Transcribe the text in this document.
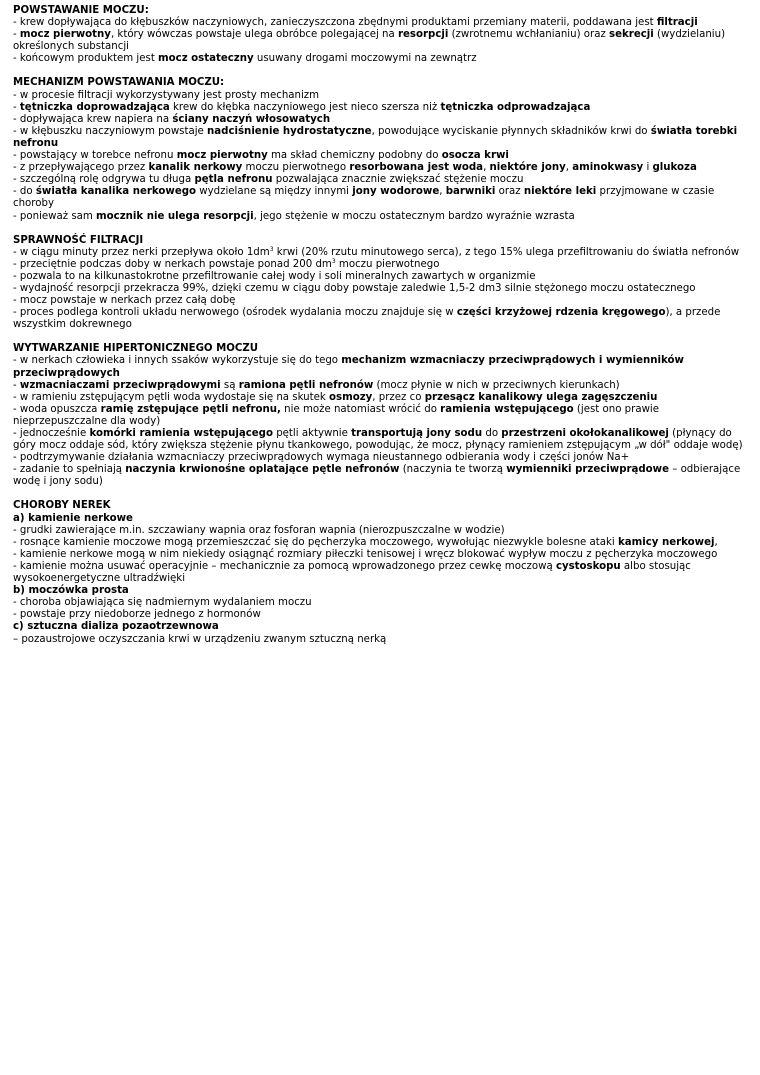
POWSTAWANIE MOCZU:
- krew dopływająca do kłębuszków naczyniowych, zanieczyszczona zbędnymi produktami przemiany materii, poddawana jest filtracji
- mocz pierwotny, który wówczas powstaje ulega obróbce polegającej na resorpcji (zwrotnemu wchłanianiu) oraz sekrecji (wydzielaniu) określonych substancji
- końcowym produktem jest mocz ostateczny usuwany drogami moczowymi na zewnątrz
MECHANIZM POWSTAWANIA MOCZU:
- w procesie filtracji wykorzystywany jest prosty mechanizm
- tętniczka doprowadzająca krew do kłębka naczyniowego jest nieco szersza niż tętniczka odprowadzająca
- dopływająca krew napiera na ściany naczyń włosowatych
- w kłębuszku naczyniowym powstaje nadciśnienie hydrostatyczne, powodujące wyciskanie płynnych składników krwi do światła torebki nefronu
- powstający w torebce nefronu mocz pierwotny ma skład chemiczny podobny do osocza krwi
- z przepływającego przez kanalik nerkowy moczu pierwotnego resorbowana jest woda, niektóre jony, aminokwasy i glukoza
- szczególną rolę odgrywa tu długa pętla nefronu pozwalająca znacznie zwiększać stężenie moczu
- do światła kanalika nerkowego wydzielane są między innymi jony wodorowe, barwniki oraz niektóre leki przyjmowane w czasie choroby
- ponieważ sam mocznik nie ulega resorpcji, jego stężenie w moczu ostatecznym bardzo wyraźnie wzrasta
SPRAWNOŚĆ FILTRACJI
- w ciągu minuty przez nerki przepływa około $1dm^3$ krwi (20% rzutu minutowego serca), z tego 15% ulega przefiltrowaniu do światła nefronów
- przeciętnie podczas doby w nerkach powstaje ponad 200 $dm^3$ moczu pierwotnego
- pozwala to na kilkunastokrotne przefiltrowanie całej wody i soli mineralnych zawartych w organizmie
- wydajność resorpcji przekracza 99%, dzięki czemu w ciągu doby powstaje zaledwie 1,5-2 dm3 silnie stężonego moczu ostatecznego
- mocz powstaje w nerkach przez całą dobę
- proces podlega kontroli układu nerwowego (ośrodek wydalania moczu znajduje się w części krzyżowej rdzenia kręgowego), a przede wszystkim dokrewnego
WYTWARZANIE HIPERTONICZNEGO MOCZU
- w nerkach człowieka i innych ssaków wykorzystuje się do tego mechanizm wzmacniaczy przeciwprądowych i wymienników przeciwprądowych
- wzmacniaczami przeciwprądowymi są ramiona pętli nefronów (mocz płynie w nich w przeciwnych kierunkach)
- w ramieniu zstępującym pętli woda wydostaje się na skutek osmozy, przez co przesącz kanalikowy ulega zagęszczeniu
- woda opuszcza ramię zstępujące pętli nefronu, nie może natomiast wrócić do ramienia wstępującego (jest ono prawie nieprzepuszczalne dla wody)
- jednocześnie komórki ramienia wstępującego pętli aktywnie transportują jony sodu do przestrzeni okołokanalikowej (płynący do góry mocz oddaje sód, który zwiększa stężenie płynu tkankowego, powodując, że mocz, płynący ramieniem zstępującym „w dół" oddaje wodę)
- podtrzymywanie działania wzmacniaczy przeciwprądowych wymaga nieustannego odbierania wody i części jonów Na+
- zadanie to spełniają naczynia krwionośne oplatające pętle nefronów (naczynia te tworzą wymienniki przeciwprądowe – odbierające wodę i jony sodu)
CHOROBY NEREK
a) kamienie nerkowe
- grudki zawierające m.in. szczawiany wapnia oraz fosforan wapnia (nierozpuszczalne w wodzie)
- rosnące kamienie moczowe mogą przemieszczać się do pęcherzyka moczowego, wywołując niezwykle bolesne ataki kamicy nerkowej,
- kamienie nerkowe mogą w nim niekiedy osiągnąć rozmiary piłeczki tenisowej i wręcz blokować wypływ moczu z pęcherzyka moczowego
- kamienie można usuwać operacyjnie – mechanicznie za pomocą wprowadzonego przez cewkę moczową cystoskopu albo stosując wysokoenergetyczne ultradźwięki
b) moczówka prosta
- choroba objawiająca się nadmiernym wydalaniem moczu
- powstaje przy niedoborze jednego z hormonów
c) sztuczna dializa pozaotrzewnowa
– pozaustrojowe oczyszczania krwi w urządzeniu zwanym sztuczną nerką
